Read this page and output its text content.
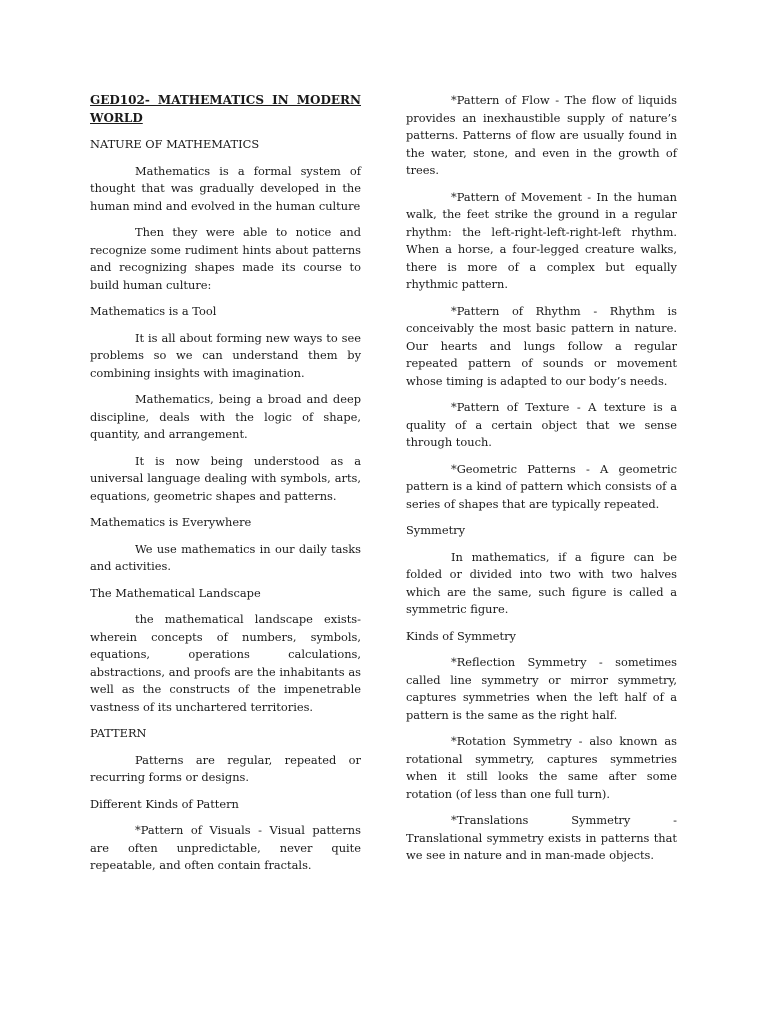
GED102- MATHEMATICS IN MODERN WORLD
NATURE OF MATHEMATICS

Mathematics is a formal system of thought that was gradually developed in the human mind and evolved in the human culture

Then they were able to notice and recognize some rudiment hints about patterns and recognizing shapes made its course to build human culture:

Mathematics is a Tool

It is all about forming new ways to see problems so we can understand them by combining insights with imagination.

Mathematics, being a broad and deep discipline, deals with the logic of shape, quantity, and arrangement.

It is now being understood as a universal language dealing with symbols, arts, equations, geometric shapes and patterns.

Mathematics is Everywhere

We use mathematics in our daily tasks and activities.

The Mathematical Landscape

the mathematical landscape exists- wherein concepts of numbers, symbols, equations, operations calculations, abstractions, and proofs are the inhabitants as well as the constructs of the impenetrable vastness of its unchartered territories.

PATTERN

Patterns are regular, repeated or recurring forms or designs.

Different Kinds of Pattern

*Pattern of Visuals - Visual patterns are often unpredictable, never quite repeatable, and often contain fractals.

*Pattern of Flow - The flow of liquids provides an inexhaustible supply of nature’s patterns. Patterns of flow are usually found in the water, stone, and even in the growth of trees.

*Pattern of Movement - In the human walk, the feet strike the ground in a regular rhythm: the left-right-left-right-left rhythm. When a horse, a four-legged creature walks, there is more of a complex but equally rhythmic pattern.

*Pattern of Rhythm - Rhythm is conceivably the most basic pattern in nature. Our hearts and lungs follow a regular repeated pattern of sounds or movement whose timing is adapted to our body’s needs.

*Pattern of Texture - A texture is a quality of a certain object that we sense through touch.

*Geometric Patterns - A geometric pattern is a kind of pattern which consists of a series of shapes that are typically repeated.

Symmetry

In mathematics, if a figure can be folded or divided into two with two halves which are the same, such figure is called a symmetric figure.

Kinds of Symmetry

*Reflection Symmetry - sometimes called line symmetry or mirror symmetry, captures symmetries when the left half of a pattern is the same as the right half.

*Rotation Symmetry - also known as rotational symmetry, captures symmetries when it still looks the same after some rotation (of less than one full turn).

*Translations Symmetry - Translational symmetry exists in patterns that we see in nature and in man-made objects.
